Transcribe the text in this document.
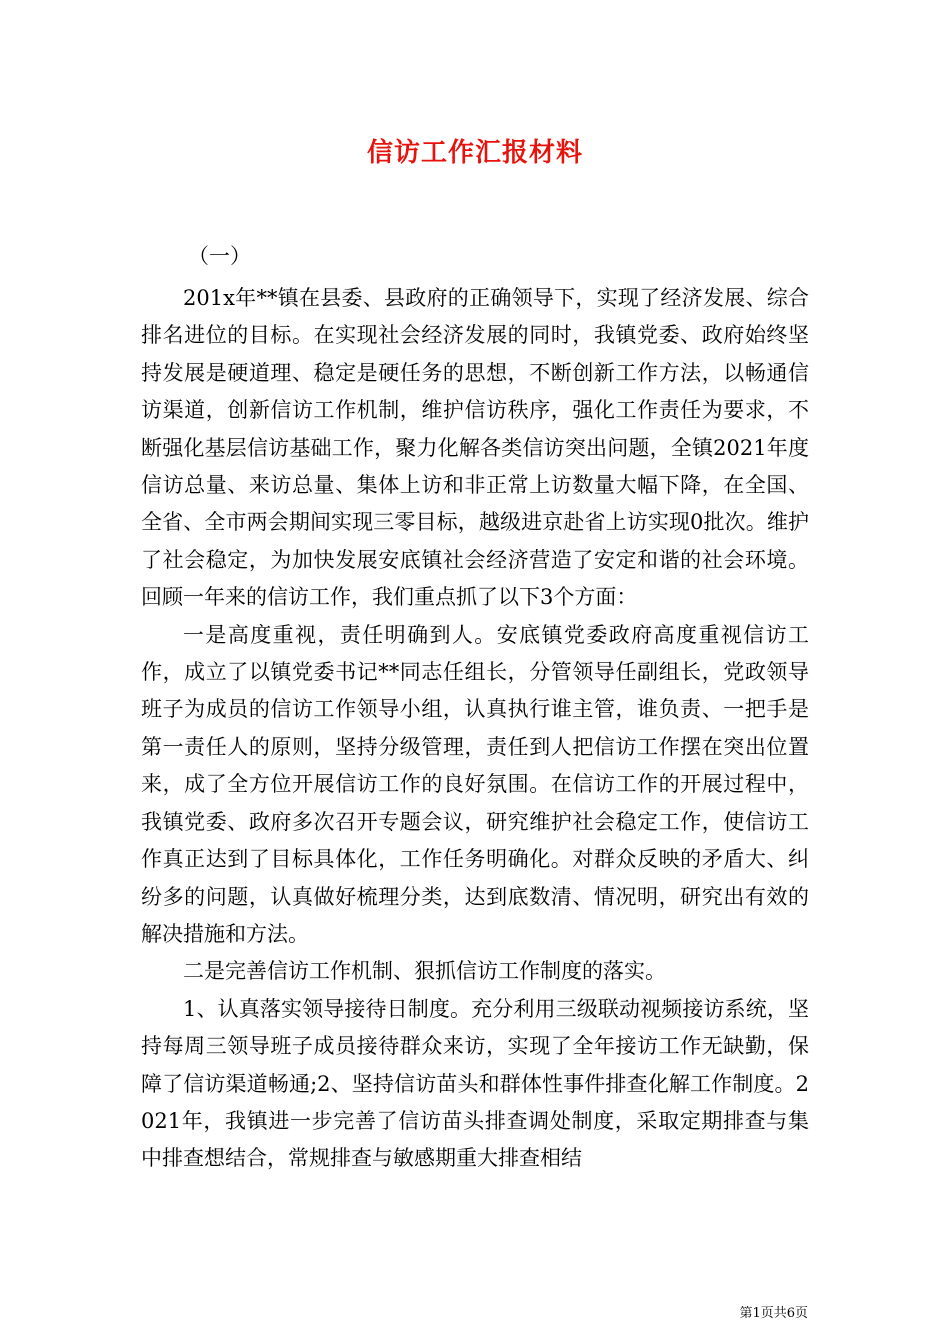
信访工作汇报材料
（一）

201x年**镇在县委、县政府的正确领导下，实现了经济发展、综合排名进位的目标。在实现社会经济发展的同时，我镇党委、政府始终坚持发展是硬道理、稳定是硬任务的思想，不断创新工作方法，以畅通信访渠道，创新信访工作机制，维护信访秩序，强化工作责任为要求，不断强化基层信访基础工作，聚力化解各类信访突出问题，全镇2021年度信访总量、来访总量、集体上访和非正常上访数量大幅下降，在全国、全省、全市两会期间实现三零目标，越级进京赴省上访实现0批次。维护了社会稳定，为加快发展安底镇社会经济营造了安定和谐的社会环境。回顾一年来的信访工作，我们重点抓了以下3个方面：

一是高度重视，责任明确到人。安底镇党委政府高度重视信访工作，成立了以镇党委书记**同志任组长，分管领导任副组长，党政领导班子为成员的信访工作领导小组，认真执行谁主管，谁负责、一把手是第一责任人的原则，坚持分级管理，责任到人把信访工作摆在突出位置来，成了全方位开展信访工作的良好氛围。在信访工作的开展过程中，我镇党委、政府多次召开专题会议，研究维护社会稳定工作，使信访工作真正达到了目标具体化，工作任务明确化。对群众反映的矛盾大、纠纷多的问题，认真做好梳理分类，达到底数清、情况明，研究出有效的解决措施和方法。

二是完善信访工作机制、狠抓信访工作制度的落实。

1、认真落实领导接待日制度。充分利用三级联动视频接访系统，坚持每周三领导班子成员接待群众来访，实现了全年接访工作无缺勤，保障了信访渠道畅通;2、坚持信访苗头和群体性事件排查化解工作制度。2021年，我镇进一步完善了信访苗头排查调处制度，采取定期排查与集中排查想结合，常规排查与敏感期重大排查相结

第1页共6页
